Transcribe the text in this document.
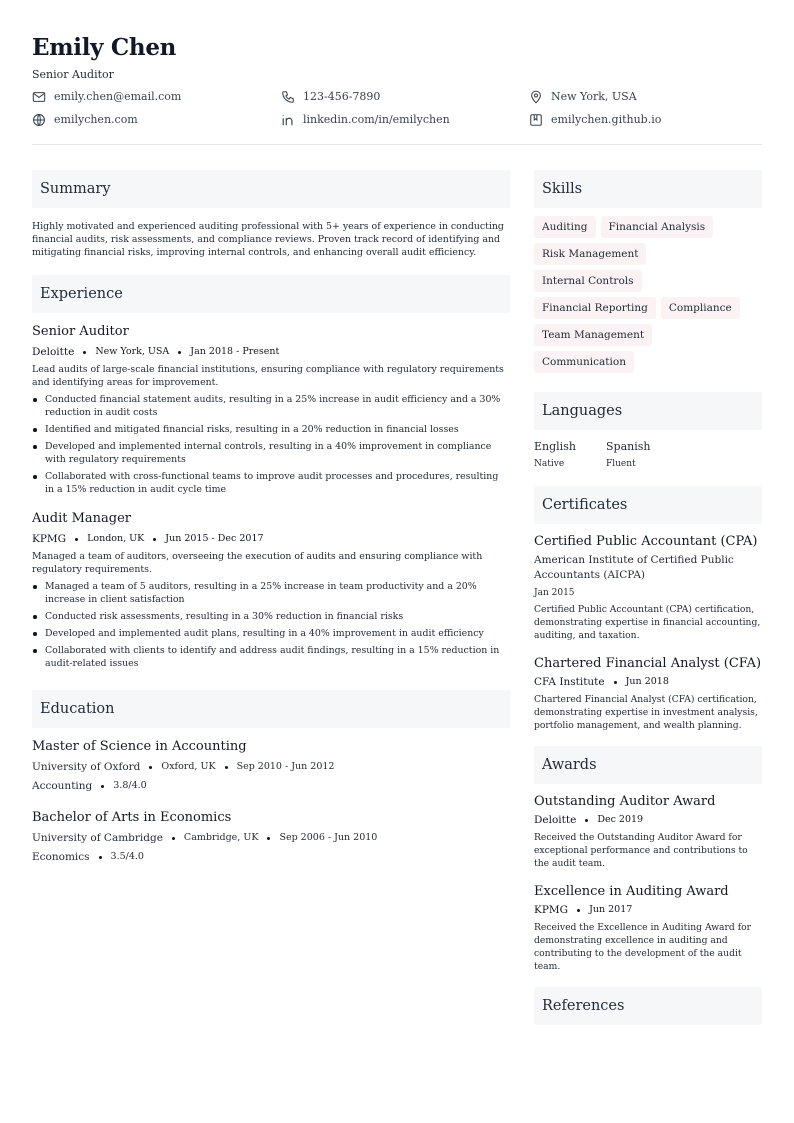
Emily Chen
Senior Auditor
emily.chen@email.com	123-456-7890	New York, USA
emilychen.com	linkedin.com/in/emilychen	emilychen.github.io
Summary

Highly motivated and experienced auditing professional with 5+ years of experience in conducting financial audits, risk assessments, and compliance reviews. Proven track record of identifying and mitigating financial risks, improving internal controls, and enhancing overall audit efficiency.

Experience
Senior Auditor
Deloitte New York, USA Jan 2018 - Present

Lead audits of large-scale financial institutions, ensuring compliance with regulatory requirements and identifying areas for improvement.

Conducted financial statement audits, resulting in a 25% increase in audit efficiency and a 30% reduction in audit costs
Identified and mitigated financial risks, resulting in a 20% reduction in financial losses
Developed and implemented internal controls, resulting in a 40% improvement in compliance with regulatory requirements
Collaborated with cross-functional teams to improve audit processes and procedures, resulting in a 15% reduction in audit cycle time
Audit Manager
KPMG London, UK Jun 2015 - Dec 2017

Managed a team of auditors, overseeing the execution of audits and ensuring compliance with regulatory requirements.

Managed a team of 5 auditors, resulting in a 25% increase in team productivity and a 20% increase in client satisfaction
Conducted risk assessments, resulting in a 30% reduction in financial risks
Developed and implemented audit plans, resulting in a 40% improvement in audit efficiency
Collaborated with clients to identify and address audit findings, resulting in a 15% reduction in audit-related issues
Education
Master of Science in Accounting
University of Oxford Oxford, UK Sep 2010 - Jun 2012
Accounting 3.8/4.0
Bachelor of Arts in Economics
University of Cambridge Cambridge, UK Sep 2006 - Jun 2010
Economics 3.5/4.0
Skills
Auditing	Financial Analysis
Risk Management
Internal Controls
Financial Reporting	Compliance
Team Management
Communication
Languages
English
Native
Spanish
Fluent
Certificates
Certified Public Accountant (CPA)
American Institute of Certified Public Accountants (AICPA)
Jan 2015

Certified Public Accountant (CPA) certification, demonstrating expertise in financial accounting, auditing, and taxation.

Chartered Financial Analyst (CFA)
CFA Institute Jun 2018

Chartered Financial Analyst (CFA) certification, demonstrating expertise in investment analysis, portfolio management, and wealth planning.

Awards
Outstanding Auditor Award
Deloitte Dec 2019

Received the Outstanding Auditor Award for exceptional performance and contributions to the audit team.

Excellence in Auditing Award
KPMG Jun 2017

Received the Excellence in Auditing Award for demonstrating excellence in auditing and contributing to the development of the audit team.

References
